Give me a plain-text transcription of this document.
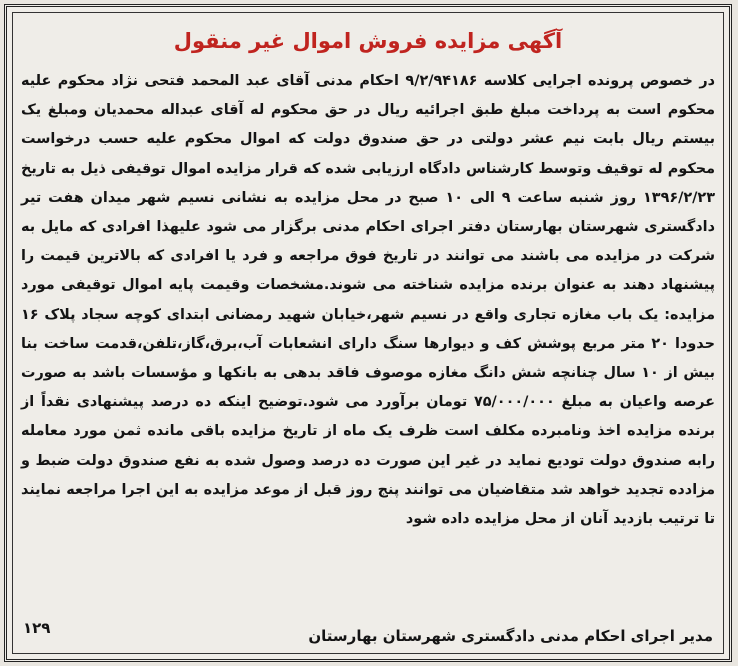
آگهی مزایده فروش اموال غیر منقول
در خصوص پرونده اجرایی کلاسه ۹/۲/۹۴۱۸۶ احکام مدنی آقای عبد المحمد فتحی نژاد محکوم علیه محکوم است به پرداخت مبلغ طبق اجرائیه ریال در حق محکوم له آقای عبداله محمدیان ومبلغ یک بیستم ریال بابت نیم عشر دولتی در حق صندوق دولت که اموال محکوم علیه حسب درخواست محکوم له توقیف وتوسط کارشناس دادگاه ارزیابی شده که قرار مزایده اموال توقیفی ذیل به تاریخ ۱۳۹۶/۲/۲۳ روز شنبه ساعت ۹ الی ۱۰ صبح در محل مزایده به نشانی نسیم شهر میدان هفت تیر دادگستری شهرستان بهارستان دفتر اجرای احکام مدنی برگزار می شود علیهذا افرادی که مایل به شرکت در مزایده می باشند می توانند در تاریخ فوق مراجعه و فرد یا افرادی که بالاترین قیمت را پیشنهاد دهند به عنوان برنده مزایده شناخته می شوند.مشخصات وقیمت پایه اموال توقیفی مورد مزایده: یک باب مغازه تجاری واقع در نسیم شهر،خیابان شهید رمضانی ابتدای کوچه سجاد پلاک ۱۶ حدودا ۲۰ متر مربع پوشش کف و دیوارها سنگ دارای انشعابات آب،برق،گاز،تلفن،قدمت ساخت بنا بیش از ۱۰ سال چنانچه شش دانگ مغازه موصوف فاقد بدهی به بانکها و مؤسسات باشد به صورت عرصه واعیان به مبلغ ۷۵/۰۰۰/۰۰۰ تومان برآورد می شود.توضیح اینکه ده درصد پیشنهادی نقداً از برنده مزایده اخذ ونامبرده مکلف است ظرف یک ماه از تاریخ مزایده باقی مانده ثمن مورد معامله رابه صندوق دولت تودیع نماید در غیر این صورت ده درصد وصول شده به نفع صندوق دولت ضبط و مزادده تجدید خواهد شد متقاضیان می توانند پنج روز قبل از موعد مزایده به این اجرا مراجعه نمایند تا ترتیب بازدید آنان از محل مزایده داده شود
۱۲۹	مدیر اجرای احکام مدنی دادگستری شهرستان بهارستان
